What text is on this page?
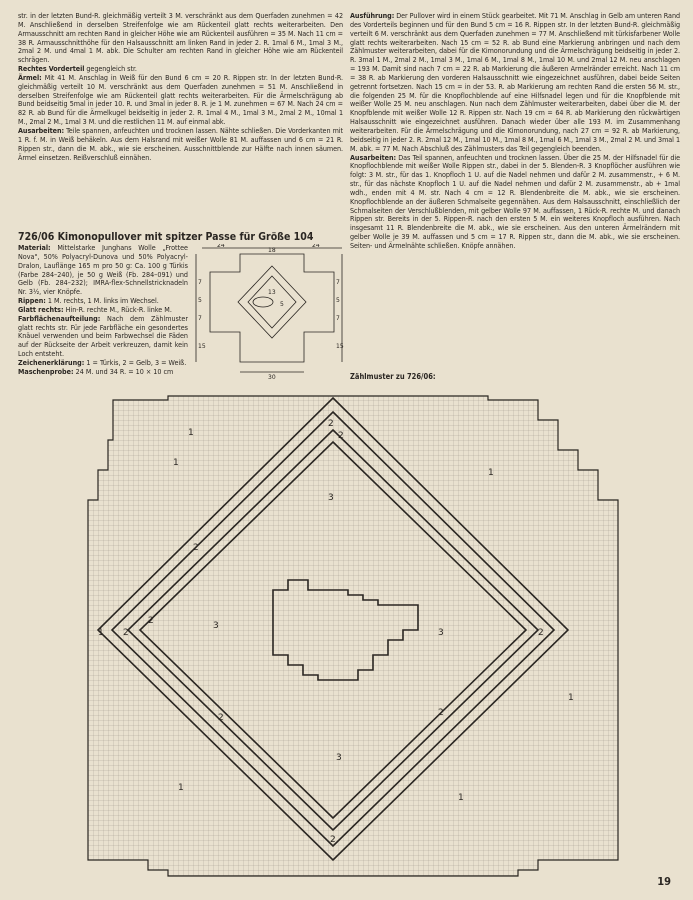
str. in der letzten Bund-R. gleichmäßig verteilt 3 M. verschränkt aus dem Querfaden zunehmen = 42 M. Anschließend in derselben Streifenfolge wie am Rückenteil glatt rechts weiterarbeiten. Den Armausschnitt am rechten Rand in gleicher Höhe wie am Rückenteil ausführen = 35 M. Nach 11 cm = 38 R. Armausschnitthöhe für den Halsausschnitt am linken Rand in jeder 2. R. 1mal 6 M., 1mal 3 M., 2mal 2 M. und 4mal 1 M. abk. Die Schulter am rechten Rand in gleicher Höhe wie am Rückenteil schrägen.

Rechtes Vorderteil gegengleich str.

Ärmel: Mit 41 M. Anschlag in Weiß für den Bund 6 cm = 20 R. Rippen str. In der letzten Bund-R. gleichmäßig verteilt 10 M. verschränkt aus dem Querfaden zunehmen = 51 M. Anschließend in derselben Streifenfolge wie am Rückenteil glatt rechts weiterarbeiten. Für die Ärmelschrägung ab Bund beidseitig 5mal in jeder 10. R. und 3mal in jeder 8. R. je 1 M. zunehmen = 67 M. Nach 24 cm = 82 R. ab Bund für die Ärmelkugel beidseitig in jeder 2. R. 1mal 4 M., 1mal 3 M., 2mal 2 M., 10mal 1 M., 2mal 2 M., 1mal 3 M. und die restlichen 11 M. auf einmal abk.

Ausarbeiten: Teile spannen, anfeuchten und trocknen lassen. Nähte schließen. Die Vorderkanten mit 1 R. f. M. in Weiß behäkeln. Aus dem Halsrand mit weißer Wolle 81 M. auffassen und 6 cm = 21 R. Rippen str., dann die M. abk., wie sie erscheinen. Ausschnittblende zur Hälfte nach innen säumen. Ärmel einsetzen. Reißverschluß einnähen.

Ausführung: Der Pullover wird in einem Stück gearbeitet. Mit 71 M. Anschlag in Gelb am unteren Rand des Vorderteils beginnen und für den Bund 5 cm = 16 R. Rippen str. In der letzten Bund-R. gleichmäßig verteilt 6 M. verschränkt aus dem Querfaden zunehmen = 77 M. Anschließend mit türkisfarbener Wolle glatt rechts weiterarbeiten. Nach 15 cm = 52 R. ab Bund eine Markierung anbringen und nach dem Zählmuster weiterarbeiten, dabei für die Kimonorundung und die Ärmelschrägung beidseitig in jeder 2. R. 3mal 1 M., 2mal 2 M., 1mal 3 M., 1mal 6 M., 1mal 8 M., 1mal 10 M. und 2mal 12 M. neu anschlagen = 193 M. Damit sind nach 7 cm = 22 R. ab Markierung die äußeren Armelränder erreicht. Nach 11 cm = 38 R. ab Markierung den vorderen Halsausschnitt wie eingezeichnet ausführen, dabei beide Seiten getrennt fortsetzen. Nach 15 cm = in der 53. R. ab Markierung am rechten Rand die ersten 56 M. str., die folgenden 25 M. für die Knopflochblende auf eine Hilfsnadel legen und für die Knopfblende mit weißer Wolle 25 M. neu anschlagen. Nun nach dem Zählmuster weiterarbeiten, dabei über die M. der Knopfblende mit weißer Wolle 12 R. Rippen str. Nach 19 cm = 64 R. ab Markierung den rückwärtigen Halsausschnitt wie eingezeichnet ausführen. Danach wieder über alle 193 M. im Zusammenhang weiterarbeiten. Für die Ärmelschrägung und die Kimonorundung, nach 27 cm = 92 R. ab Markierung, beidseitig in jeder 2. R. 2mal 12 M., 1mal 10 M., 1mal 8 M., 1mal 6 M., 1mal 3 M., 2mal 2 M. und 3mal 1 M. abk. = 77 M. Nach Abschluß des Zählmusters das Teil gegengleich beenden.

Ausarbeiten: Das Teil spannen, anfeuchten und trocknen lassen. Über die 25 M. der Hilfsnadel für die Knopflochblende mit weißer Wolle Rippen str., dabei in der 5. Blenden-R. 3 Knopflöcher ausführen wie folgt: 3 M. str., für das 1. Knopfloch 1 U. auf die Nadel nehmen und dafür 2 M. zusammenstr., + 6 M. str., für das nächste Knopfloch 1 U. auf die Nadel nehmen und dafür 2 M. zusammenstr., ab + 1mal wdh., enden mit 4 M. str. Nach 4 cm = 12 R. Blendenbreite die M. abk., wie sie erscheinen. Knopflochblende an der äußeren Schmalseite gegennähen. Aus dem Halsausschnitt, einschließlich der Schmalseiten der Verschlußblenden, mit gelber Wolle 97 M. auffassen, 1 Rück-R. rechte M. und danach Rippen str. Bereits in der 5. Rippen-R. nach den ersten 5 M. ein weiteres Knopfloch ausführen. Nach insgesamt 11 R. Blendenbreite die M. abk., wie sie erscheinen. Aus den unteren Ärmelrändern mit gelber Wolle je 39 M. auffassen und 5 cm = 17 R. Rippen str., dann die M. abk., wie sie erscheinen. Seiten- und Ärmelnähte schließen. Knöpfe annähen.

726/06 Kimonopullover mit spitzer Passe für Größe 104

Material: Mittelstarke Junghans Wolle „Frottee Nova", 50% Polyacryl-Dunova und 50% Polyacryl-Dralon, Lauflänge 165 m pro 50 g: Ca. 100 g Türkis (Farbe 284–240), je 50 g Weiß (Fb. 284–091) und Gelb (Fb. 284–232); IMRA-flex-Schnellstricknadeln Nr. 3½, vier Knöpfe.

Rippen: 1 M. rechts, 1 M. links im Wechsel.

Glatt rechts: Hin-R. rechte M., Rück-R. linke M.

Farbflächenaufteilung: Nach dem Zählmuster glatt rechts str. Für jede Farbfläche ein gesondertes Knäuel verwenden und beim Farbwechsel die Fäden auf der Rückseite der Arbeit verkreuzen, damit kein Loch entsteht.

Zeichenerklärung: 1 = Türkis, 2 = Gelb, 3 = Weiß.

Maschenprobe: 24 M. und 34 R. = 10 × 10 cm

24	24
18
30
13
5
7
5
7
15
7
5
7
15
Zählmuster zu 726/06:
1
1
1
1
1
1
1
2
2
2
2
2
2
2
2
2
3
3
3
3
19
